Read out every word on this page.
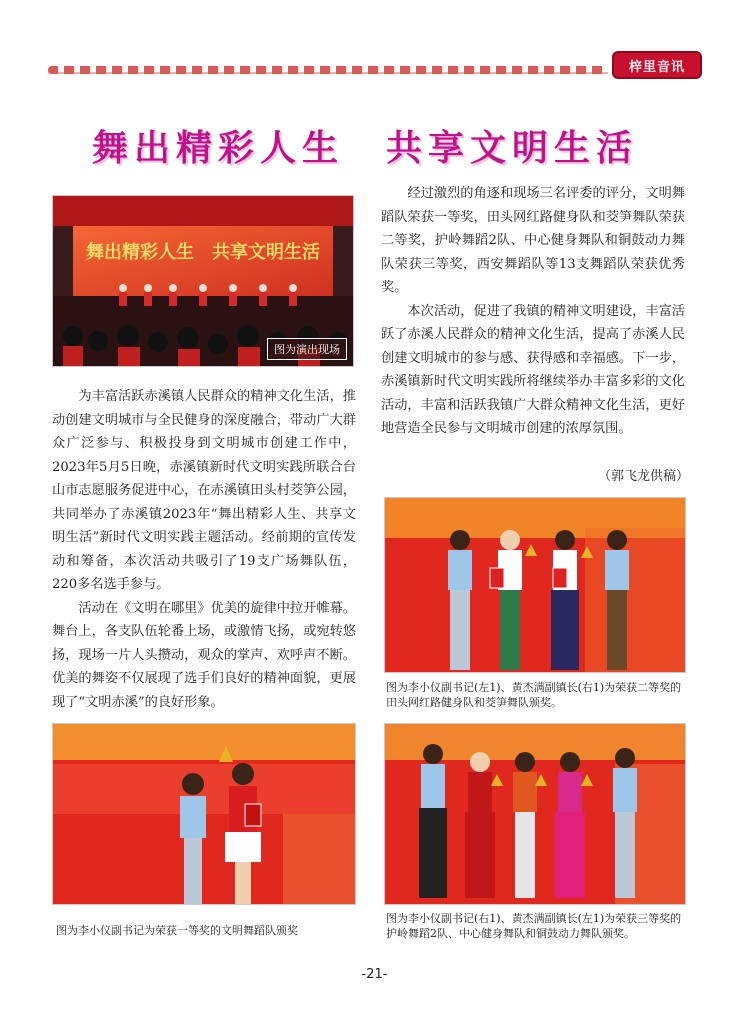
梓里音讯
舞出精彩人生　共享文明生活
舞出精彩人生　共享文明生活
图为演出现场

为丰富活跃赤溪镇人民群众的精神文化生活，推动创建文明城市与全民健身的深度融合，带动广大群众广泛参与、积极投身到文明城市创建工作中，2023年5月5日晚，赤溪镇新时代文明实践所联合台山市志愿服务促进中心，在赤溪镇田头村茭笋公园，共同举办了赤溪镇2023年“舞出精彩人生、共享文明生活”新时代文明实践主题活动。经前期的宣传发动和筹备，本次活动共吸引了19支广场舞队伍，220多名选手参与。

活动在《文明在哪里》优美的旋律中拉开帷幕。舞台上，各支队伍轮番上场，或激情飞扬，或宛转悠扬，现场一片人头攒动，观众的掌声、欢呼声不断。优美的舞姿不仅展现了选手们良好的精神面貌，更展现了“文明赤溪”的良好形象。

经过激烈的角逐和现场三名评委的评分，文明舞蹈队荣获一等奖，田头网红路健身队和茭笋舞队荣获二等奖，护岭舞蹈2队、中心健身舞队和铜鼓动力舞队荣获三等奖，西安舞蹈队等13支舞蹈队荣获优秀奖。

本次活动，促进了我镇的精神文明建设，丰富活跃了赤溪人民群众的精神文化生活，提高了赤溪人民创建文明城市的参与感、获得感和幸福感。下一步，赤溪镇新时代文明实践所将继续举办丰富多彩的文化活动，丰富和活跃我镇广大群众精神文化生活，更好地营造全民参与文明城市创建的浓厚氛围。

（郭飞龙供稿）
图为李小仪副书记(左1)、黄杰满副镇长(右1)为荣获二等奖的田头网红路健身队和茭笋舞队颁奖。
图为李小仪副书记为荣获一等奖的文明舞蹈队颁奖
图为李小仪副书记(右1)、黄杰满副镇长(左1)为荣获三等奖的护岭舞蹈2队、中心健身舞队和铜鼓动力舞队颁奖。
-21-
